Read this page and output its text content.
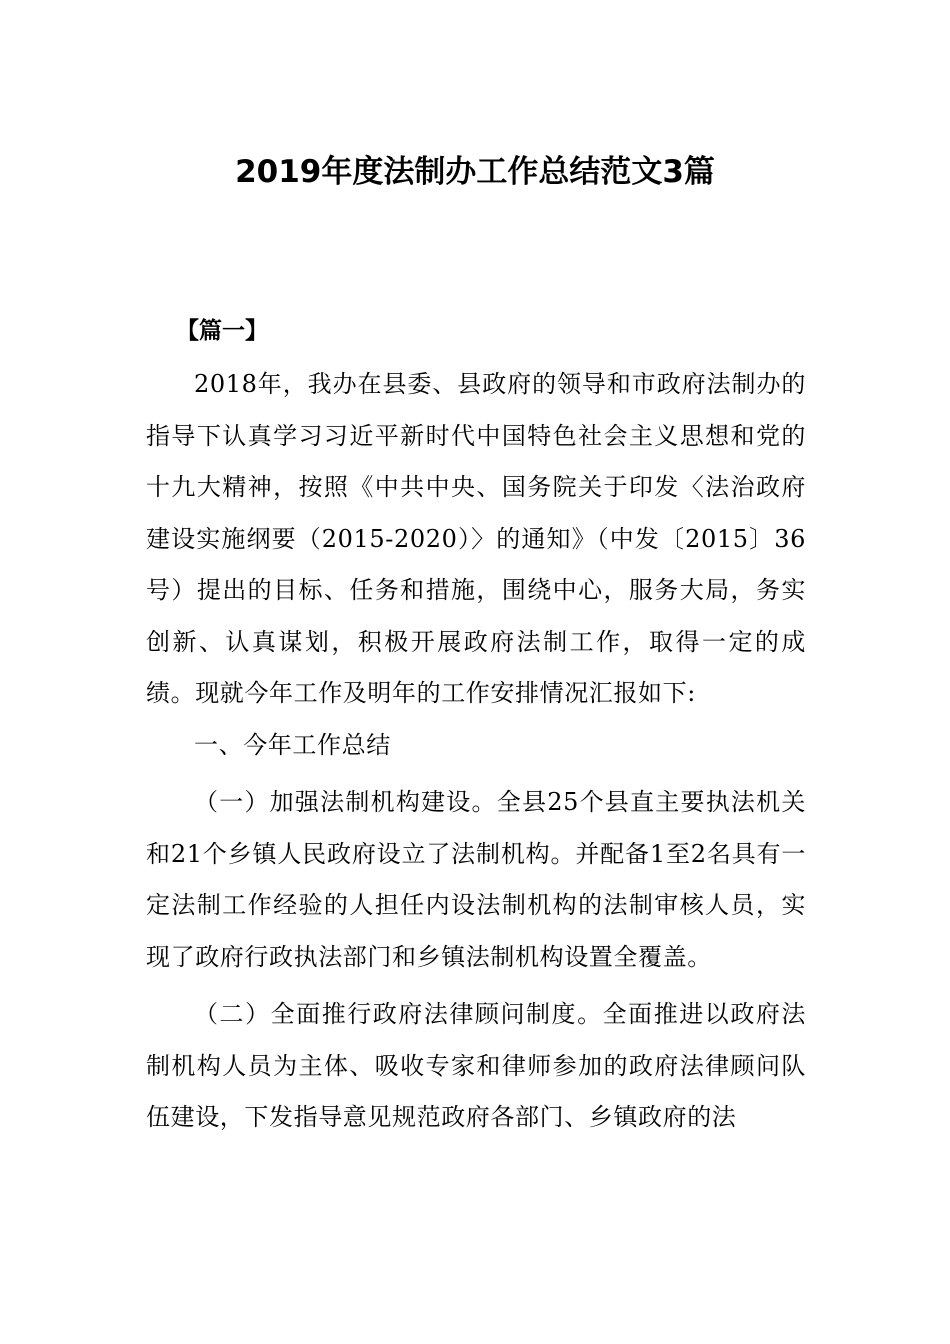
2019年度法制办工作总结范文3篇
【篇一】

2018年，我办在县委、县政府的领导和市政府法制办的指导下认真学习习近平新时代中国特色社会主义思想和党的十九大精神，按照《中共中央、国务院关于印发〈法治政府建设实施纲要（2015-2020）〉的通知》（中发〔2015〕36号）提出的目标、任务和措施，围绕中心，服务大局，务实创新、认真谋划，积极开展政府法制工作，取得一定的成绩。现就今年工作及明年的工作安排情况汇报如下:

一、今年工作总结

（一）加强法制机构建设。全县25个县直主要执法机关和21个乡镇人民政府设立了法制机构。并配备1至2名具有一定法制工作经验的人担任内设法制机构的法制审核人员，实现了政府行政执法部门和乡镇法制机构设置全覆盖。

（二）全面推行政府法律顾问制度。全面推进以政府法制机构人员为主体、吸收专家和律师参加的政府法律顾问队伍建设，下发指导意见规范政府各部门、乡镇政府的法
